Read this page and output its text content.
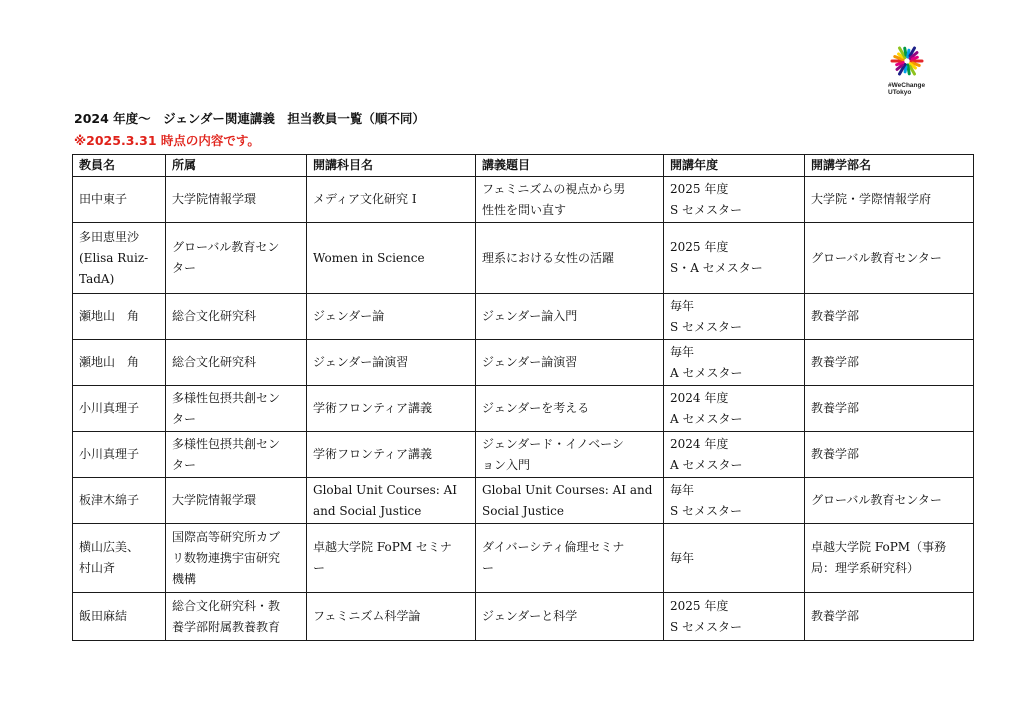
#WeChange
UTokyo
2024 年度〜　ジェンダー関連講義　担当教員一覧（順不同）
※2025.3.31 時点の内容です。
教員名	所属	開講科目名	講義題目	開講年度	開講学部名

田中東子	大学院情報学環	メディア文化研究 I	フェミニズムの視点から男
性性を問い直す	2025 年度
S セメスター	大学院・学際情報学府

多田恵里沙
(Elisa Ruiz-
TadA)	グローバル教育セン
ター	Women in Science	理系における女性の活躍	2025 年度
S・A セメスター	グローバル教育センター

瀬地山　角	総合文化研究科	ジェンダー論	ジェンダー論入門	毎年
S セメスター	教養学部

瀬地山　角	総合文化研究科	ジェンダー論演習	ジェンダー論演習	毎年
A セメスター	教養学部

小川真理子	多様性包摂共創セン
ター	学術フロンティア講義	ジェンダーを考える	2024 年度
A セメスター	教養学部

小川真理子	多様性包摂共創セン
ター	学術フロンティア講義	ジェンダード・イノベーシ
ョン入門	2024 年度
A セメスター	教養学部

板津木綿子	大学院情報学環	Global Unit Courses: AI
and Social Justice	Global Unit Courses: AI and
Social Justice	毎年
S セメスター	グローバル教育センター

横山広美、
村山斉	国際高等研究所カブ
リ数物連携宇宙研究
機構	卓越大学院 FoPM セミナ
ー	ダイバーシティ倫理セミナ
ー	毎年	卓越大学院 FoPM（事務
局：理学系研究科）

飯田麻結	総合文化研究科・教
養学部附属教養教育	フェミニズム科学論	ジェンダーと科学	2025 年度
S セメスター	教養学部
